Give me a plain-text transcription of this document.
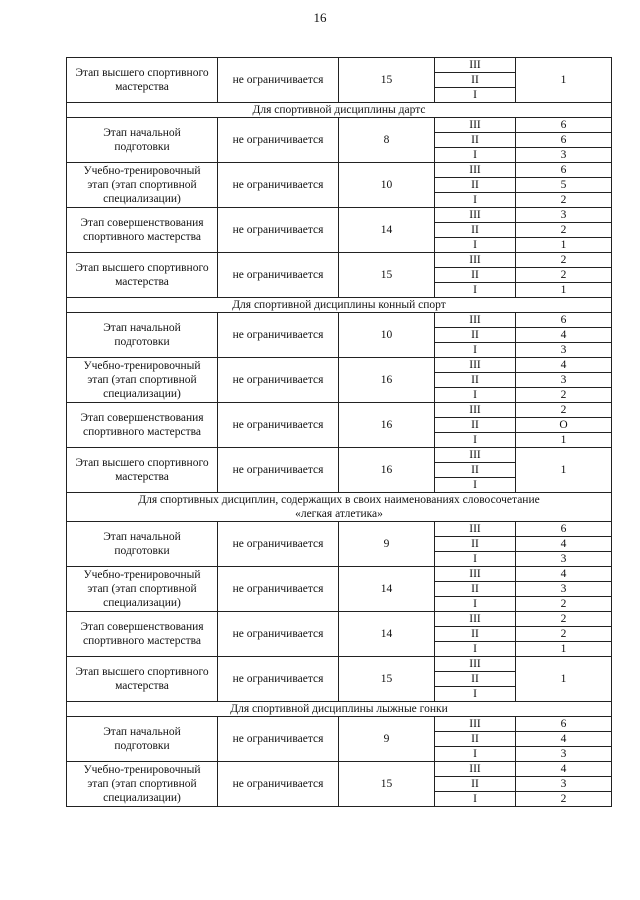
16
Этап высшего спортивного
мастерства	не ограничивается	15	III	1
			II	
			I	
Для спортивной дисциплины дартс				
Этап начальной
подготовки	не ограничивается	8	III	6
			II	6
			I	3
Учебно-тренировочный
этап (этап спортивной
специализации)	не ограничивается	10	III	6
			II	5
			I	2
Этап совершенствования
спортивного мастерства	не ограничивается	14	III	3
			II	2
			I	1
Этап высшего спортивного
мастерства	не ограничивается	15	III	2
			II	2
			I	1
Для спортивной дисциплины конный спорт				
Этап начальной
подготовки	не ограничивается	10	III	6
			II	4
			I	3
Учебно-тренировочный
этап (этап спортивной
специализации)	не ограничивается	16	III	4
			II	3
			I	2
Этап совершенствования
спортивного мастерства	не ограничивается	16	III	2
			II	O
			I	1
Этап высшего спортивного
мастерства	не ограничивается	16	III	1
			II	
			I	
Для спортивных дисциплин, содержащих в своих наименованиях словосочетание
«легкая атлетика»				
Этап начальной
подготовки	не ограничивается	9	III	6
			II	4
			I	3
Учебно-тренировочный
этап (этап спортивной
специализации)	не ограничивается	14	III	4
			II	3
			I	2
Этап совершенствования
спортивного мастерства	не ограничивается	14	III	2
			II	2
			I	1
Этап высшего спортивного
мастерства	не ограничивается	15	III	1
			II	
			I	
Для спортивной дисциплины лыжные гонки				
Этап начальной
подготовки	не ограничивается	9	III	6
			II	4
			I	3
Учебно-тренировочный
этап (этап спортивной
специализации)	не ограничивается	15	III	4
			II	3
			I	2
